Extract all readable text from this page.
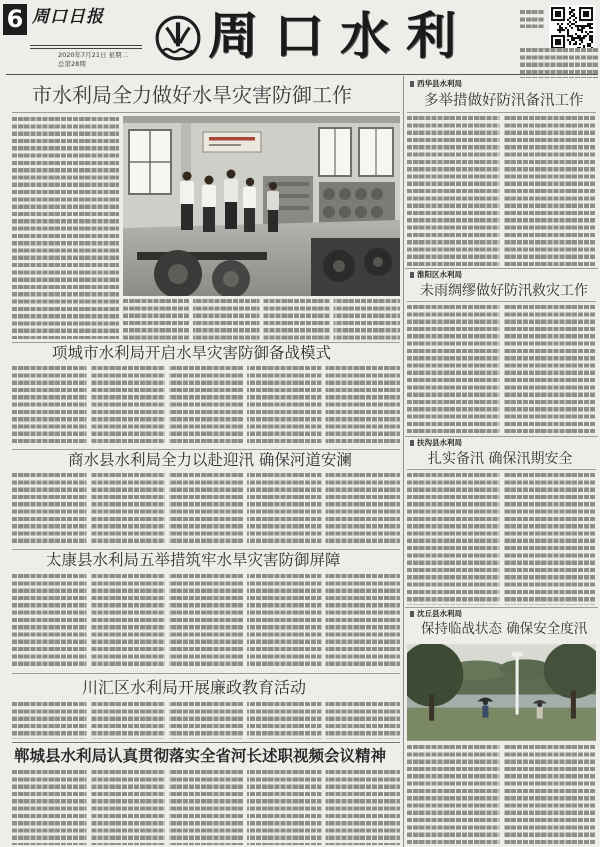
6 周口日报
2020年7月21日 星期二
总第28期 周口水利
市水利局全力做好水旱灾害防御工作
项城市水利局开启水旱灾害防御备战模式
商水县水利局全力以赴迎汛 确保河道安澜
太康县水利局五举措筑牢水旱灾害防御屏障
川汇区水利局开展廉政教育活动
郸城县水利局认真贯彻落实全省河长述职视频会议精神
西华县水利局
多举措做好防汛备汛工作
淮阳区水利局
未雨绸缪做好防汛救灾工作
扶沟县水利局
扎实备汛 确保汛期安全
沈丘县水利局
保持临战状态 确保安全度汛
